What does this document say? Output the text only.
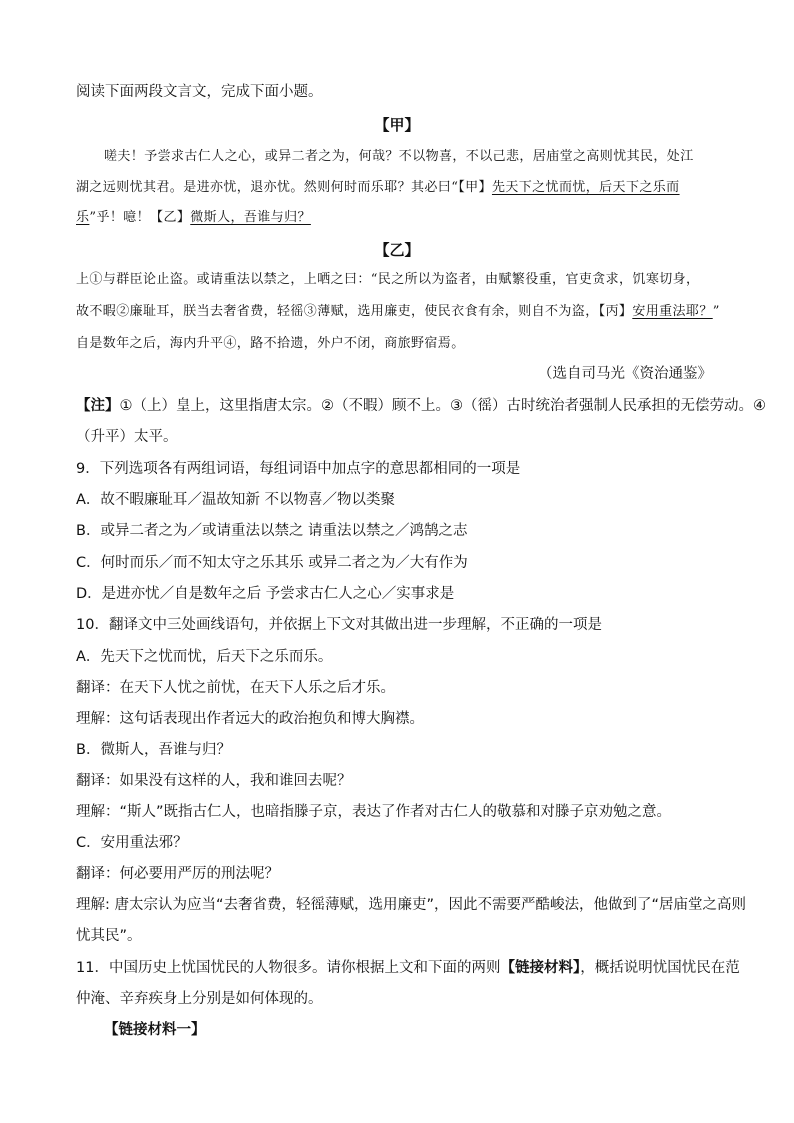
阅读下面两段文言文，完成下面小题。
【甲】
嗟夫！予尝求古仁人之心，或异二者之为，何哉？不以物喜，不以己悲，居庙堂之高则忧其民，处江
湖之远则忧其君。是进亦忧，退亦忧。然则何时而乐耶？其必曰“【甲】先天下之忧而忧，后天下之乐而
乐”乎！噫！【乙】微斯人，吾谁与归？
【乙】
上①与群臣论止盗。或请重法以禁之，上哂之曰：“民之所以为盗者，由赋繁役重，官吏贪求，饥寒切身，
故不暇②廉耻耳，朕当去奢省费，轻徭③薄赋，选用廉吏，使民衣食有余，则自不为盗，【丙】安用重法耶？”
自是数年之后，海内升平④，路不拾遗，外户不闭，商旅野宿焉。
（选自司马光《资治通鉴》
【注】①（上）皇上，这里指唐太宗。②（不暇）顾不上。③（徭）古时统治者强制人民承担的无偿劳动。④
（升平）太平。
9．下列选项各有两组词语，每组词语中加点字的意思都相同的一项是
A．故不暇廉耻耳／温故知新 不以物喜／物以类聚
B．或异二者之为／或请重法以禁之 请重法以禁之／鸿鹄之志
C．何时而乐／而不知太守之乐其乐 或异二者之为／大有作为
D．是进亦忧／自是数年之后 予尝求古仁人之心／实事求是
10．翻译文中三处画线语句，并依据上下文对其做出进一步理解，不正确的一项是
A．先天下之忧而忧，后天下之乐而乐。
翻译：在天下人忧之前忧，在天下人乐之后才乐。
理解：这句话表现出作者远大的政治抱负和博大胸襟。
B．微斯人，吾谁与归？
翻译：如果没有这样的人，我和谁回去呢？
理解：“斯人”既指古仁人，也暗指滕子京，表达了作者对古仁人的敬慕和对滕子京劝勉之意。
C．安用重法邪？
翻译：何必要用严厉的刑法呢？
理解: 唐太宗认为应当“去奢省费，轻徭薄赋，选用廉吏”，因此不需要严酷峻法，他做到了“居庙堂之高则
忧其民”。
11．中国历史上忧国忧民的人物很多。请你根据上文和下面的两则【链接材料】，概括说明忧国忧民在范
仲淹、辛弃疾身上分别是如何体现的。
【链接材料一】
